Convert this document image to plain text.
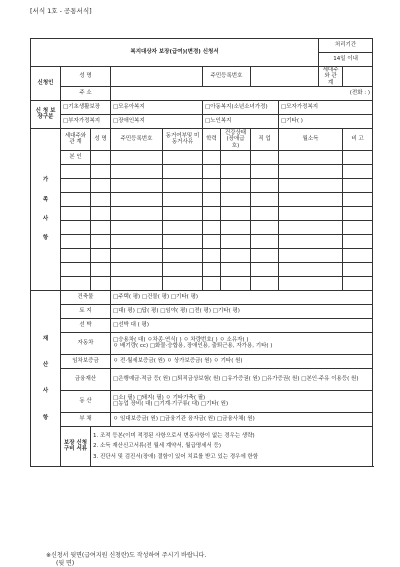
[서식 1호 - 공통서식]
복지대상자 보장(급여)(변경) 신청서									처리기간	
									14일 이내	
신청인	성 명				주민등록번호				세대주와 관 계	
	주 소		(전화 : )							
신 청 보장구분	□기초생활보장		□모유아복지		□아동복지(소년소녀가정)			□모자가정복지		
	□부자가정복지		□장애인복지		□노인복지			□기타( )		

가
족
사
항	세대주와 관 계	성 명	주민등록번호	동거여부및 미동거사유	학력	건강상태 (장애급호)	직 업	월소득		비 고
	본 인									

재
산
사
항	건축물		□주택( 평) □건물( 평) □기타( 평)							
	토 지		□대( 평) □답( 평) □임야( 평) □전( 평) □기타( 평)							
	선 박		□선박 대 ( 평)							
	자동차		□승용차( 대) ㅇ차종·연식( ) ㅇ 차량번호( ) ㅇ 소유자( )
ㅇ 배기량( cc) □화물·승합용, 장애인용, 출퇴근용, 자가용, 기타( )							
	임차보증금		ㅇ 전·월세보증금( 원) ㅇ 상가보증금( 원) ㅇ 기타( 원)							
	금융재산		□은행예금·적금 등( 원) □퇴직금상보험( 원) □유가증권( 원) □유가증권( 원) □본인·주유 이용등( 원)							
	동 산		□소( 필) □돼지( 필) ㅇ 기타가축( 필)
□농업 장비( 대) □기계·기구류( 대) □기타( 원)							
	부 채		ㅇ 임대보증금( 원) □금융기관 융자금( 원) □금융사채( 원)							
	보장 신청 구비 서류	1. 조적 등본(이미 적정된 사항으로서 변동사항이 없는 경우는 생략)
2. 소득 재산신고서류(전 월세 계약서, 월급명세서 등)
3. 진단서 및 검진서(장애) 결함이 있어 치료를 받고 있는 경우에 한함								
※신청서 뒷면(급여지원 신청란)도 작성하여 주시기 바랍니다.
(뒷 면)
